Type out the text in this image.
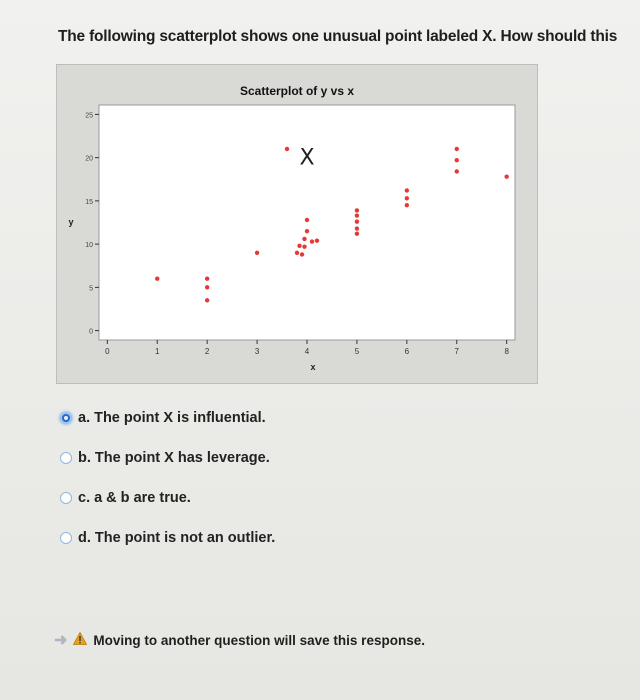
The following scatterplot shows one unusual point labeled X. How should this
Scatterplot of y vs x
x
y
0	1	2	3	4	5	6	7	8
0
5
10
15
20
25
X
a. The point X is influential.
b. The point X has leverage.
c. a & b are true.
d. The point is not an outlier.
➜ Moving to another question will save this response.
